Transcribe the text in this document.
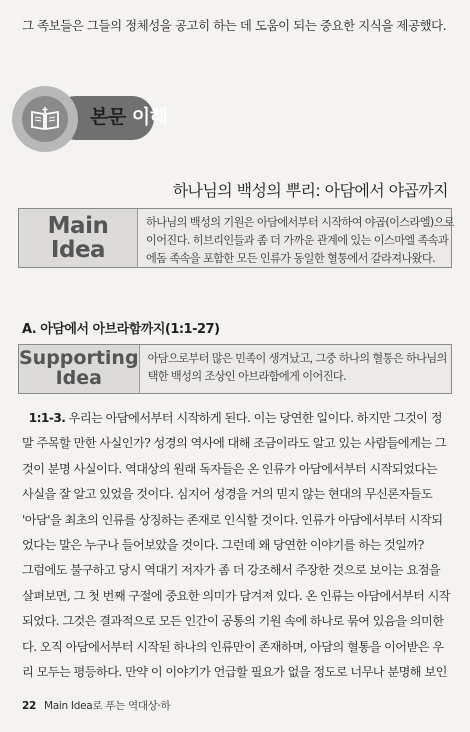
그 족보들은 그들의 정체성을 공고히 하는 데 도움이 되는 중요한 지식을 제공했다.
본문 이해
하나님의 백성의 뿌리: 아담에서 야곱까지
Main Idea
하나님의 백성의 기원은 아담에서부터 시작하여 야곱(이스라엘)으로
이어진다. 히브리인들과 좀 더 가까운 관계에 있는 이스마엘 족속과
에돔 족속을 포함한 모든 인류가 동일한 혈통에서 갈라져나왔다.
A. 아담에서 아브라함까지(1:1-27)
Supporting
Idea
아담으로부터 많은 민족이 생겨났고, 그중 하나의 혈통은 하나님의
택한 백성의 조상인 아브라함에게 이어진다.
1:1-3. 우리는 아담에서부터 시작하게 된다. 이는 당연한 일이다. 하지만 그것이 정
말 주목할 만한 사실인가? 성경의 역사에 대해 조금이라도 알고 있는 사람들에게는 그
것이 분명 사실이다. 역대상의 원래 독자들은 온 인류가 아담에서부터 시작되었다는
사실을 잘 알고 있었을 것이다. 심지어 성경을 거의 믿지 않는 현대의 무신론자들도
'아담'을 최초의 인류를 상징하는 존재로 인식할 것이다. 인류가 아담에서부터 시작되
었다는 말은 누구나 들어보았을 것이다. 그런데 왜 당연한 이야기를 하는 것일까?
그럼에도 불구하고 당시 역대기 저자가 좀 더 강조해서 주장한 것으로 보이는 요점을
살펴보면, 그 첫 번째 구절에 중요한 의미가 담겨져 있다. 온 인류는 아담에서부터 시작
되었다. 그것은 결과적으로 모든 인간이 공통의 기원 속에 하나로 묶여 있음을 의미한
다. 오직 아담에서부터 시작된 하나의 인류만이 존재하며, 아담의 혈통을 이어받은 우
리 모두는 평등하다. 만약 이 이야기가 언급할 필요가 없을 정도로 너무나 분명해 보인
22 Main Idea로 푸는 역대상·하
